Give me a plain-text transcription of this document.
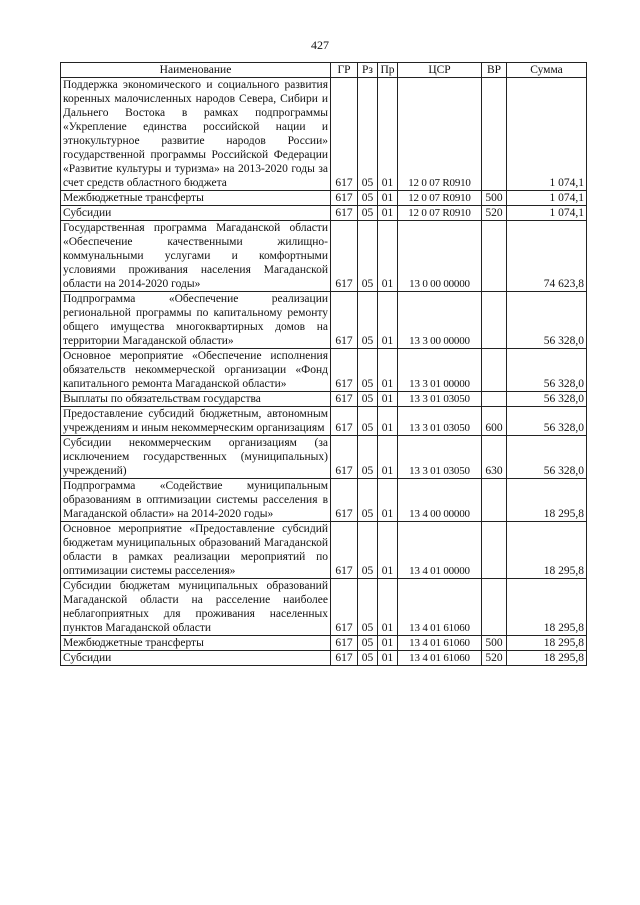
427
Наименование	ГР	Рз	Пр	ЦСР	ВР	Сумма
Поддержка экономического и социального развития коренных малочисленных народов Севера, Сибири и Дальнего Востока в рамках подпрограммы «Укрепление единства российской нации и этнокультурное развитие народов России» государственной программы Российской Федерации «Развитие культуры и туризма» на 2013-2020 годы за счет средств областного бюджета	617	05	01	12 0 07 R0910		1 074,1
Межбюджетные трансферты	617	05	01	12 0 07 R0910	500	1 074,1
Субсидии	617	05	01	12 0 07 R0910	520	1 074,1
Государственная программа Магаданской области «Обеспечение качественными жилищно-коммунальными услугами и комфортными условиями проживания населения Магаданской области на 2014-2020 годы»	617	05	01	13 0 00 00000		74 623,8
Подпрограмма «Обеспечение реализации региональной программы по капитальному ремонту общего имущества многоквартирных домов на территории Магаданской области»	617	05	01	13 3 00 00000		56 328,0
Основное мероприятие «Обеспечение исполнения обязательств некоммерческой организации «Фонд капитального ремонта Магаданской области»	617	05	01	13 3 01 00000		56 328,0
Выплаты по обязательствам государства	617	05	01	13 3 01 03050		56 328,0
Предоставление субсидий бюджетным, автономным учреждениям и иным некоммерческим организациям	617	05	01	13 3 01 03050	600	56 328,0
Субсидии некоммерческим организациям (за исключением государственных (муниципальных) учреждений)	617	05	01	13 3 01 03050	630	56 328,0
Подпрограмма «Содействие муниципальным образованиям в оптимизации системы расселения в Магаданской области» на 2014-2020 годы»	617	05	01	13 4 00 00000		18 295,8
Основное мероприятие «Предоставление субсидий бюджетам муниципальных образований Магаданской области в рамках реализации мероприятий по оптимизации системы расселения»	617	05	01	13 4 01 00000		18 295,8
Субсидии бюджетам муниципальных образований Магаданской области на расселение наиболее неблагоприятных для проживания населенных пунктов Магаданской области	617	05	01	13 4 01 61060		18 295,8
Межбюджетные трансферты	617	05	01	13 4 01 61060	500	18 295,8
Субсидии	617	05	01	13 4 01 61060	520	18 295,8
